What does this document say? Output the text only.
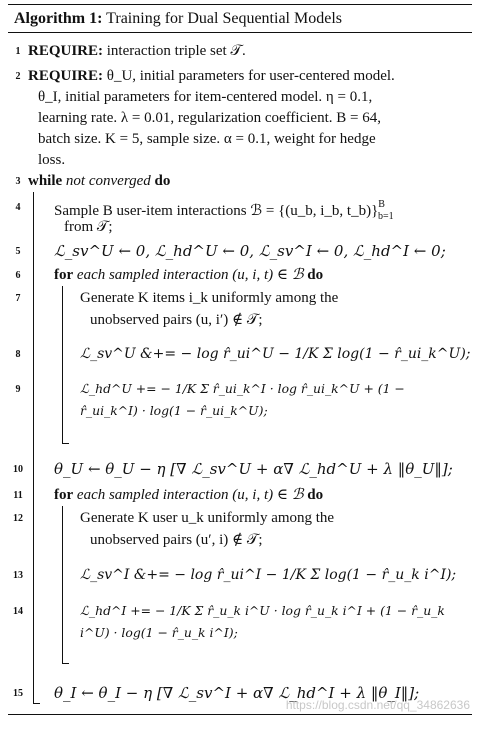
Algorithm 1: Training for Dual Sequential Models
1 REQUIRE: interaction triple set 𝒯.
2 REQUIRE: θ_U, initial parameters for user-centered model.
θ_I, initial parameters for item-centered model. η = 0.1,
learning rate. λ = 0.01, regularization coefficient. B = 64,
batch size. K = 5, sample size. α = 0.1, weight for hedge
loss.
3 while not converged do
4	Sample B user-item interactions ℬ = {(u_b, i_b, t_b)}$^B_{b=1}$
from 𝒯;
5	ℒ_sv^U ← 0, ℒ_hd^U ← 0, ℒ_sv^I ← 0, ℒ_hd^I ← 0;
6	for each sampled interaction (u, i, t) ∈ ℬ do
7	Generate K items i_k uniformly among the
unobserved pairs (u, i′) ∉ 𝒯;
8	ℒ_sv^U &+= − log r̂_ui^U − 1/K Σ log(1 − r̂_ui_k^U);
9	ℒ_hd^U += − 1/K Σ r̂_ui_k^I · log r̂_ui_k^U + (1 − r̂_ui_k^I) · log(1 − r̂_ui_k^U);
10	θ_U ← θ_U − η [∇ ℒ_sv^U + α∇ ℒ_hd^U + λ ‖θ_U‖];
11	for each sampled interaction (u, i, t) ∈ ℬ do
12	Generate K user u_k uniformly among the
unobserved pairs (u′, i) ∉ 𝒯;
13	ℒ_sv^I &+= − log r̂_ui^I − 1/K Σ log(1 − r̂_u_k i^I);
14	ℒ_hd^I += − 1/K Σ r̂_u_k i^U · log r̂_u_k i^I + (1 − r̂_u_k i^U) · log(1 − r̂_u_k i^I);
15	θ_I ← θ_I − η [∇ ℒ_sv^I + α∇ ℒ_hd^I + λ ‖θ_I‖];
https://blog.csdn.net/qq_34862636
